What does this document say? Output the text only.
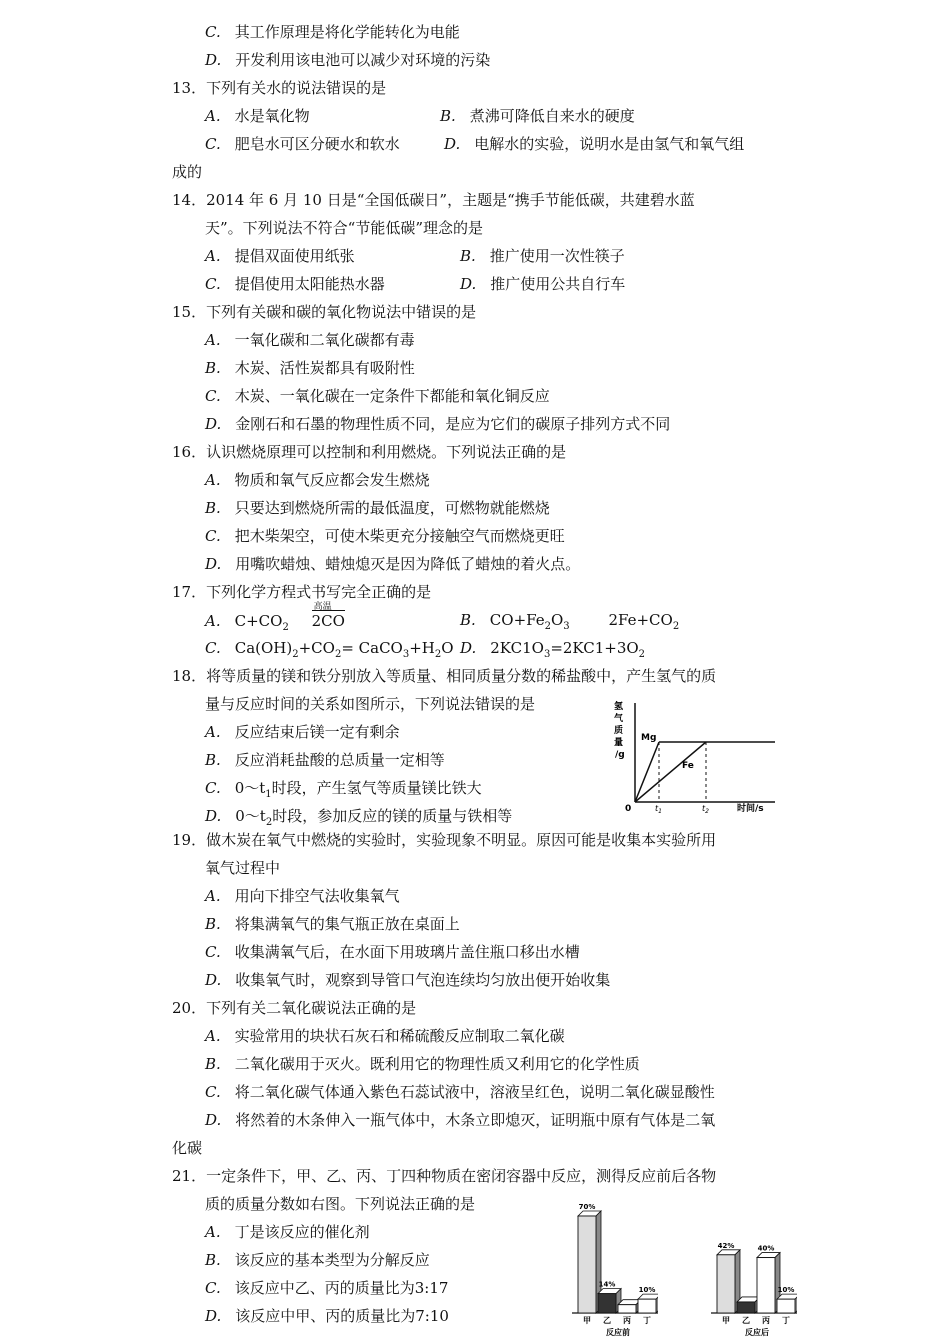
C. 其工作原理是将化学能转化为电能
D. 开发利用该电池可以减少对环境的污染
13．下列有关水的说法错误的是
A. 水是氧化物	B. 煮沸可降低自来水的硬度
C. 肥皂水可区分硬水和软水	D. 电解水的实验，说明水是由氢气和氧气组
成的
14．2014 年 6 月 10 日是“全国低碳日”，主题是“携手节能低碳，共建碧水蓝
天”。下列说法不符合“节能低碳”理念的是
A. 提倡双面使用纸张	B. 推广使用一次性筷子
C. 提倡使用太阳能热水器	D. 推广使用公共自行车
15．下列有关碳和碳的氧化物说法中错误的是
A. 一氧化碳和二氧化碳都有毒
B. 木炭、活性炭都具有吸附性
C. 木炭、一氧化碳在一定条件下都能和氧化铜反应
D. 金刚石和石墨的物理性质不同，是应为它们的碳原子排列方式不同
16．认识燃烧原理可以控制和利用燃烧。下列说法正确的是
A. 物质和氧气反应都会发生燃烧
B. 只要达到燃烧所需的最低温度，可燃物就能燃烧
C. 把木柴架空，可使木柴更充分接触空气而燃烧更旺
D. 用嘴吹蜡烛、蜡烛熄灭是因为降低了蜡烛的着火点。
17．下列化学方程式书写完全正确的是
A. $C+CO_2$
高温
2CO	B. $CO+Fe_2O_3$	$2Fe+CO_2$
C. $Ca(OH)_2+CO_2=$ $CaCO_3+H_2O$ D. $2KC1O_3=2KC1+3O_2$
18．将等质量的镁和铁分别放入等质量、相同质量分数的稀盐酸中，产生氢气的质
量与反应时间的关系如图所示，下列说法错误的是
A. 反应结束后镁一定有剩余
B. 反应消耗盐酸的总质量一定相等
C. $0\sim t_1$时段，产生氢气等质量镁比铁大
D. $0\sim t_2$时段，参加反应的镁的质量与铁相等
氢
气
质
量
/g
Mg
Fe
0	$t_1$	$t_2$	时间/s
19．做木炭在氧气中燃烧的实验时，实验现象不明显。原因可能是收集本实验所用
氧气过程中
A. 用向下排空气法收集氧气
B. 将集满氧气的集气瓶正放在桌面上
C. 收集满氧气后，在水面下用玻璃片盖住瓶口移出水槽
D. 收集氧气时，观察到导管口气泡连续均匀放出便开始收集
20．下列有关二氧化碳说法正确的是
A. 实验常用的块状石灰石和稀硫酸反应制取二氧化碳
B. 二氧化碳用于灭火。既利用它的物理性质又利用它的化学性质
C. 将二氧化碳气体通入紫色石蕊试液中，溶液呈红色，说明二氧化碳显酸性
D. 将然着的木条伸入一瓶气体中，木条立即熄灭，证明瓶中原有气体是二氧
化碳
21．一定条件下，甲、乙、丙、丁四种物质在密闭容器中反应，测得反应前后各物
质的质量分数如右图。下列说法正确的是
A. 丁是该反应的催化剂
B. 该反应的基本类型为分解反应
C. 该反应中乙、丙的质量比为3:17
D. 该反应中甲、丙的质量比为7:10
70%
甲
14%
乙 丙
10%
丁
反应前
42%
甲 乙
40%
丙
10%
丁
反应后
